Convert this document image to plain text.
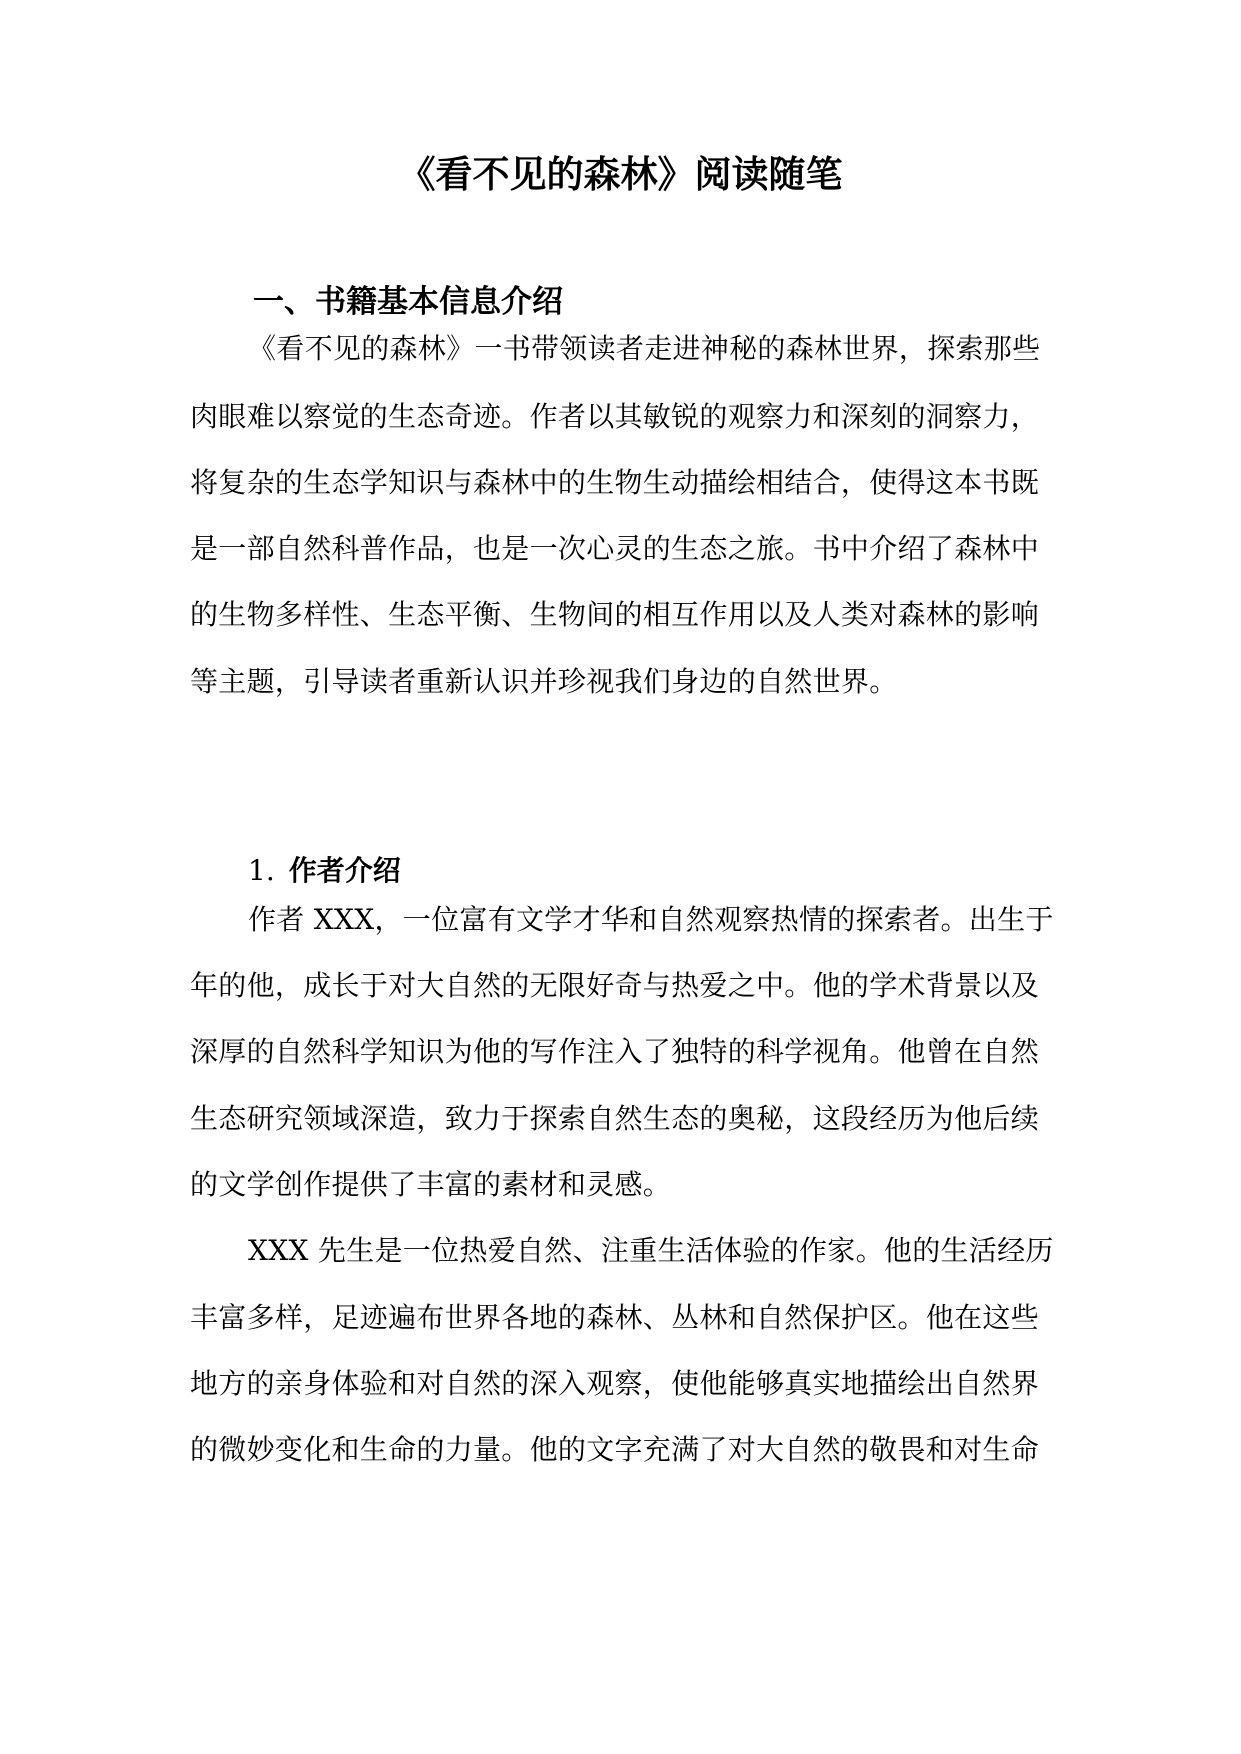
《看不见的森林》阅读随笔
一、书籍基本信息介绍
《看不见的森林》一书带领读者走进神秘的森林世界，探索那些
肉眼难以察觉的生态奇迹。作者以其敏锐的观察力和深刻的洞察力，
将复杂的生态学知识与森林中的生物生动描绘相结合，使得这本书既
是一部自然科普作品，也是一次心灵的生态之旅。书中介绍了森林中
的生物多样性、生态平衡、生物间的相互作用以及人类对森林的影响
等主题，引导读者重新认识并珍视我们身边的自然世界。
1. 作者介绍
作者 XXX，一位富有文学才华和自然观察热情的探索者。出生于
年的他，成长于对大自然的无限好奇与热爱之中。他的学术背景以及
深厚的自然科学知识为他的写作注入了独特的科学视角。他曾在自然
生态研究领域深造，致力于探索自然生态的奥秘，这段经历为他后续
的文学创作提供了丰富的素材和灵感。
XXX 先生是一位热爱自然、注重生活体验的作家。他的生活经历
丰富多样，足迹遍布世界各地的森林、丛林和自然保护区。他在这些
地方的亲身体验和对自然的深入观察，使他能够真实地描绘出自然界
的微妙变化和生命的力量。他的文字充满了对大自然的敬畏和对生命
